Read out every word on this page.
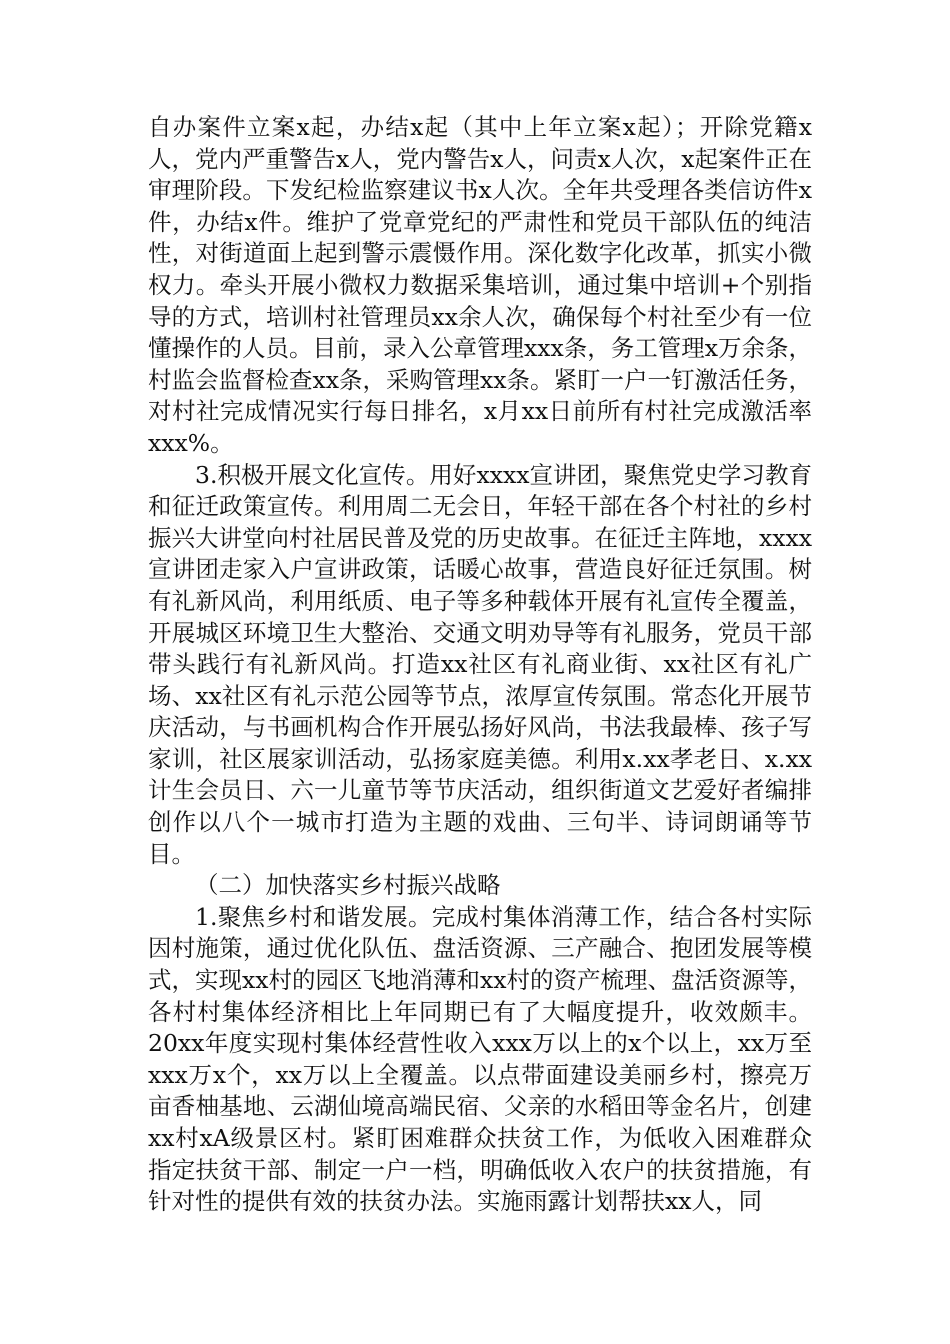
自办案件立案x起，办结x起（其中上年立案x起）；开除党籍x人，党内严重警告x人，党内警告x人，问责x人次，x起案件正在审理阶段。下发纪检监察建议书x人次。全年共受理各类信访件x件，办结x件。维护了党章党纪的严肃性和党员干部队伍的纯洁性，对街道面上起到警示震慑作用。深化数字化改革，抓实小微权力。牵头开展小微权力数据采集培训，通过集中培训+个别指导的方式，培训村社管理员xx余人次，确保每个村社至少有一位懂操作的人员。目前，录入公章管理xxx条，务工管理x万余条，村监会监督检查xx条，采购管理xx条。紧盯一户一钉激活任务，对村社完成情况实行每日排名，x月xx日前所有村社完成激活率xxx%。

3.积极开展文化宣传。用好xxxx宣讲团，聚焦党史学习教育和征迁政策宣传。利用周二无会日，年轻干部在各个村社的乡村振兴大讲堂向村社居民普及党的历史故事。在征迁主阵地，xxxx宣讲团走家入户宣讲政策，话暖心故事，营造良好征迁氛围。树有礼新风尚，利用纸质、电子等多种载体开展有礼宣传全覆盖，开展城区环境卫生大整治、交通文明劝导等有礼服务，党员干部带头践行有礼新风尚。打造xx社区有礼商业街、xx社区有礼广场、xx社区有礼示范公园等节点，浓厚宣传氛围。常态化开展节庆活动，与书画机构合作开展弘扬好风尚，书法我最棒、孩子写家训，社区展家训活动，弘扬家庭美德。利用x.xx孝老日、x.xx计生会员日、六一儿童节等节庆活动，组织街道文艺爱好者编排创作以八个一城市打造为主题的戏曲、三句半、诗词朗诵等节目。

（二）加快落实乡村振兴战略

1.聚焦乡村和谐发展。完成村集体消薄工作，结合各村实际因村施策，通过优化队伍、盘活资源、三产融合、抱团发展等模式，实现xx村的园区飞地消薄和xx村的资产梳理、盘活资源等，各村村集体经济相比上年同期已有了大幅度提升，收效颇丰。20xx年度实现村集体经营性收入xxx万以上的x个以上，xx万至xxx万x个，xx万以上全覆盖。以点带面建设美丽乡村，擦亮万亩香柚基地、云湖仙境高端民宿、父亲的水稻田等金名片，创建xx村xA级景区村。紧盯困难群众扶贫工作，为低收入困难群众指定扶贫干部、制定一户一档，明确低收入农户的扶贫措施，有针对性的提供有效的扶贫办法。实施雨露计划帮扶xx人，同
